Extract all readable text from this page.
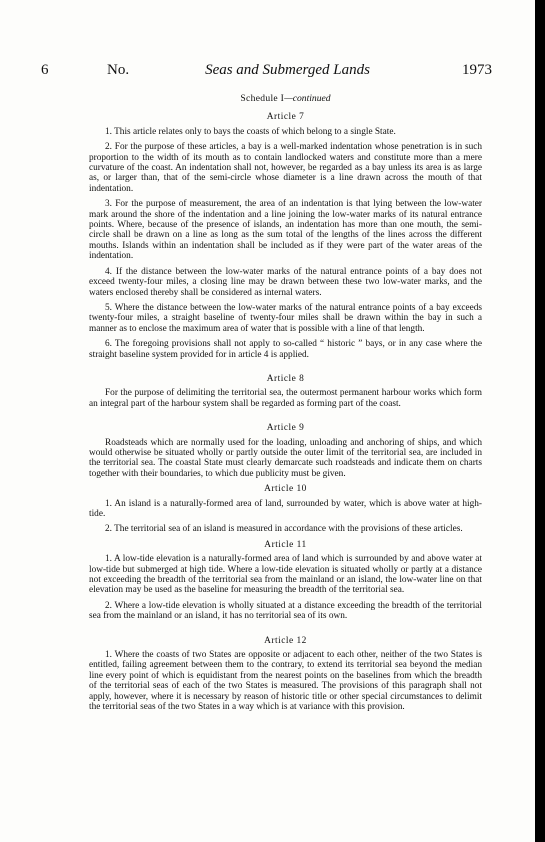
6	No.	Seas and Submerged Lands	1973
Schedule I—continued
Article 7

1. This article relates only to bays the coasts of which belong to a single State.

2. For the purpose of these articles, a bay is a well-marked indentation whose penetration is in such proportion to the width of its mouth as to contain landlocked waters and constitute more than a mere curvature of the coast. An indentation shall not, however, be regarded as a bay unless its area is as large as, or larger than, that of the semi-circle whose diameter is a line drawn across the mouth of that indentation.

3. For the purpose of measurement, the area of an indentation is that lying between the low-water mark around the shore of the indentation and a line joining the low-water marks of its natural entrance points. Where, because of the presence of islands, an indentation has more than one mouth, the semi-circle shall be drawn on a line as long as the sum total of the lengths of the lines across the different mouths. Islands within an indentation shall be included as if they were part of the water areas of the indentation.

4. If the distance between the low-water marks of the natural entrance points of a bay does not exceed twenty-four miles, a closing line may be drawn between these two low-water marks, and the waters enclosed thereby shall be considered as internal waters.

5. Where the distance between the low-water marks of the natural entrance points of a bay exceeds twenty-four miles, a straight baseline of twenty-four miles shall be drawn within the bay in such a manner as to enclose the maximum area of water that is possible with a line of that length.

6. The foregoing provisions shall not apply to so-called “ historic ” bays, or in any case where the straight baseline system provided for in article 4 is applied.

Article 8

For the purpose of delimiting the territorial sea, the outermost permanent harbour works which form an integral part of the harbour system shall be regarded as forming part of the coast.

Article 9

Roadsteads which are normally used for the loading, unloading and anchoring of ships, and which would otherwise be situated wholly or partly outside the outer limit of the territorial sea, are included in the territorial sea. The coastal State must clearly demarcate such roadsteads and indicate them on charts together with their boundaries, to which due publicity must be given.

Article 10

1. An island is a naturally-formed area of land, surrounded by water, which is above water at high-tide.

2. The territorial sea of an island is measured in accordance with the provisions of these articles.

Article 11

1. A low-tide elevation is a naturally-formed area of land which is surrounded by and above water at low-tide but submerged at high tide. Where a low-tide elevation is situated wholly or partly at a distance not exceeding the breadth of the territorial sea from the mainland or an island, the low-water line on that elevation may be used as the baseline for measuring the breadth of the territorial sea.

2. Where a low-tide elevation is wholly situated at a distance exceeding the breadth of the territorial sea from the mainland or an island, it has no territorial sea of its own.

Article 12

1. Where the coasts of two States are opposite or adjacent to each other, neither of the two States is entitled, failing agreement between them to the contrary, to extend its territorial sea beyond the median line every point of which is equidistant from the nearest points on the baselines from which the breadth of the territorial seas of each of the two States is measured. The provisions of this paragraph shall not apply, however, where it is necessary by reason of historic title or other special circumstances to delimit the territorial seas of the two States in a way which is at variance with this provision.
